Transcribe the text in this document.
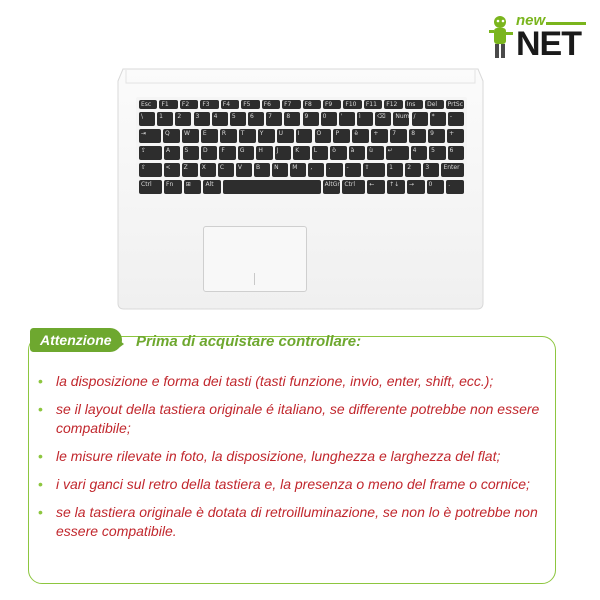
new
NET
Esc F1 F2 F3 F4 F5 F6 F7 F8 F9 F10 F11 F12 Ins Del PrtSc
\	1 2 3 4 5 6 7 8 9 0 '	ì	⌫ Num /	*	-
⇥	Q W E	R T	Y	U I	O P	è	+ 7	8	9	+
⇪	A S D F	G H J	K L	ò à ù ↵	4 5 6
⇧	< Z X C V B N M ,	.	-	⇧	1 2 3 Enter
Ctrl Fn ⊞ Alt	AltGr Ctrl ← ↑↓ → 0	.
Attenzione	Prima di acquistare controllare:
• la disposizione e forma dei tasti (tasti funzione, invio, enter, shift, ecc.);
• se il layout della tastiera originale é italiano, se differente potrebbe non essere compatibile;
• le misure rilevate in foto, la disposizione, lunghezza e larghezza del flat;
• i vari ganci sul retro della tastiera e, la presenza o meno del frame o cornice;
• se la tastiera originale è dotata di retroilluminazione, se non lo è potrebbe non essere compatibile.
